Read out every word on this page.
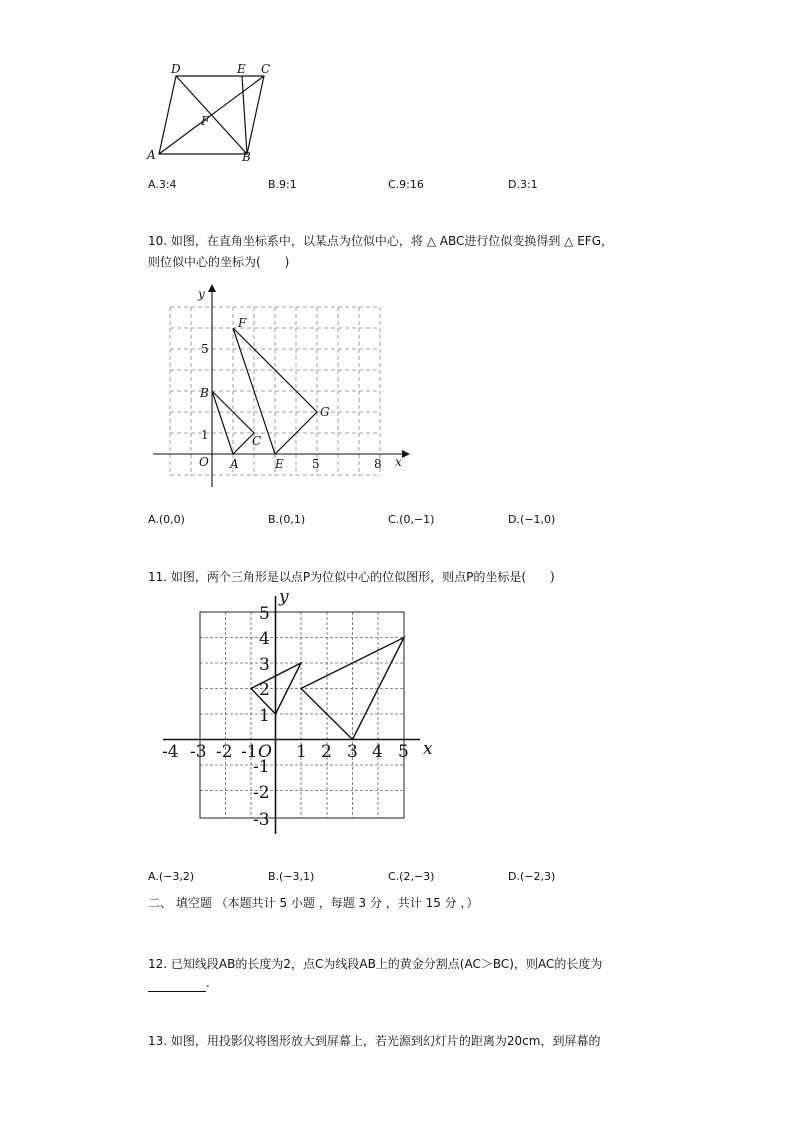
D	E C
F
A	B
A.3:4	B.9:1	C.9:16	D.3:1
10. 如图，在直角坐标系中，以某点为位似中心，将 △ ABC进行位似变换得到 △ EFG，
则位似中心的坐标为(　　)
x
y
F
B
G
C
O A	E
5
1
5	8
A.(0,0)	B.(0,1)	C.(0,−1)	D.(−1,0)
11. 如图，两个三角形是以点P为位似中心的位似图形，则点P的坐标是(　　)
-4 -3 -2 -1 1 2 3 4 5
5
4
3
2
1
-1
-2
-3
O	x
y
A.(−3,2)	B.(−3,1)	C.(2,−3)	D.(−2,3)
二、 填空题 （本题共计 5 小题 ，每题 3 分 ，共计 15 分 ，）
12. 已知线段AB的长度为2，点C为线段AB上的黄金分割点(AC＞BC)，则AC的长度为
.
13. 如图，用投影仪将图形放大到屏幕上，若光源到幻灯片的距离为20cm，到屏幕的
